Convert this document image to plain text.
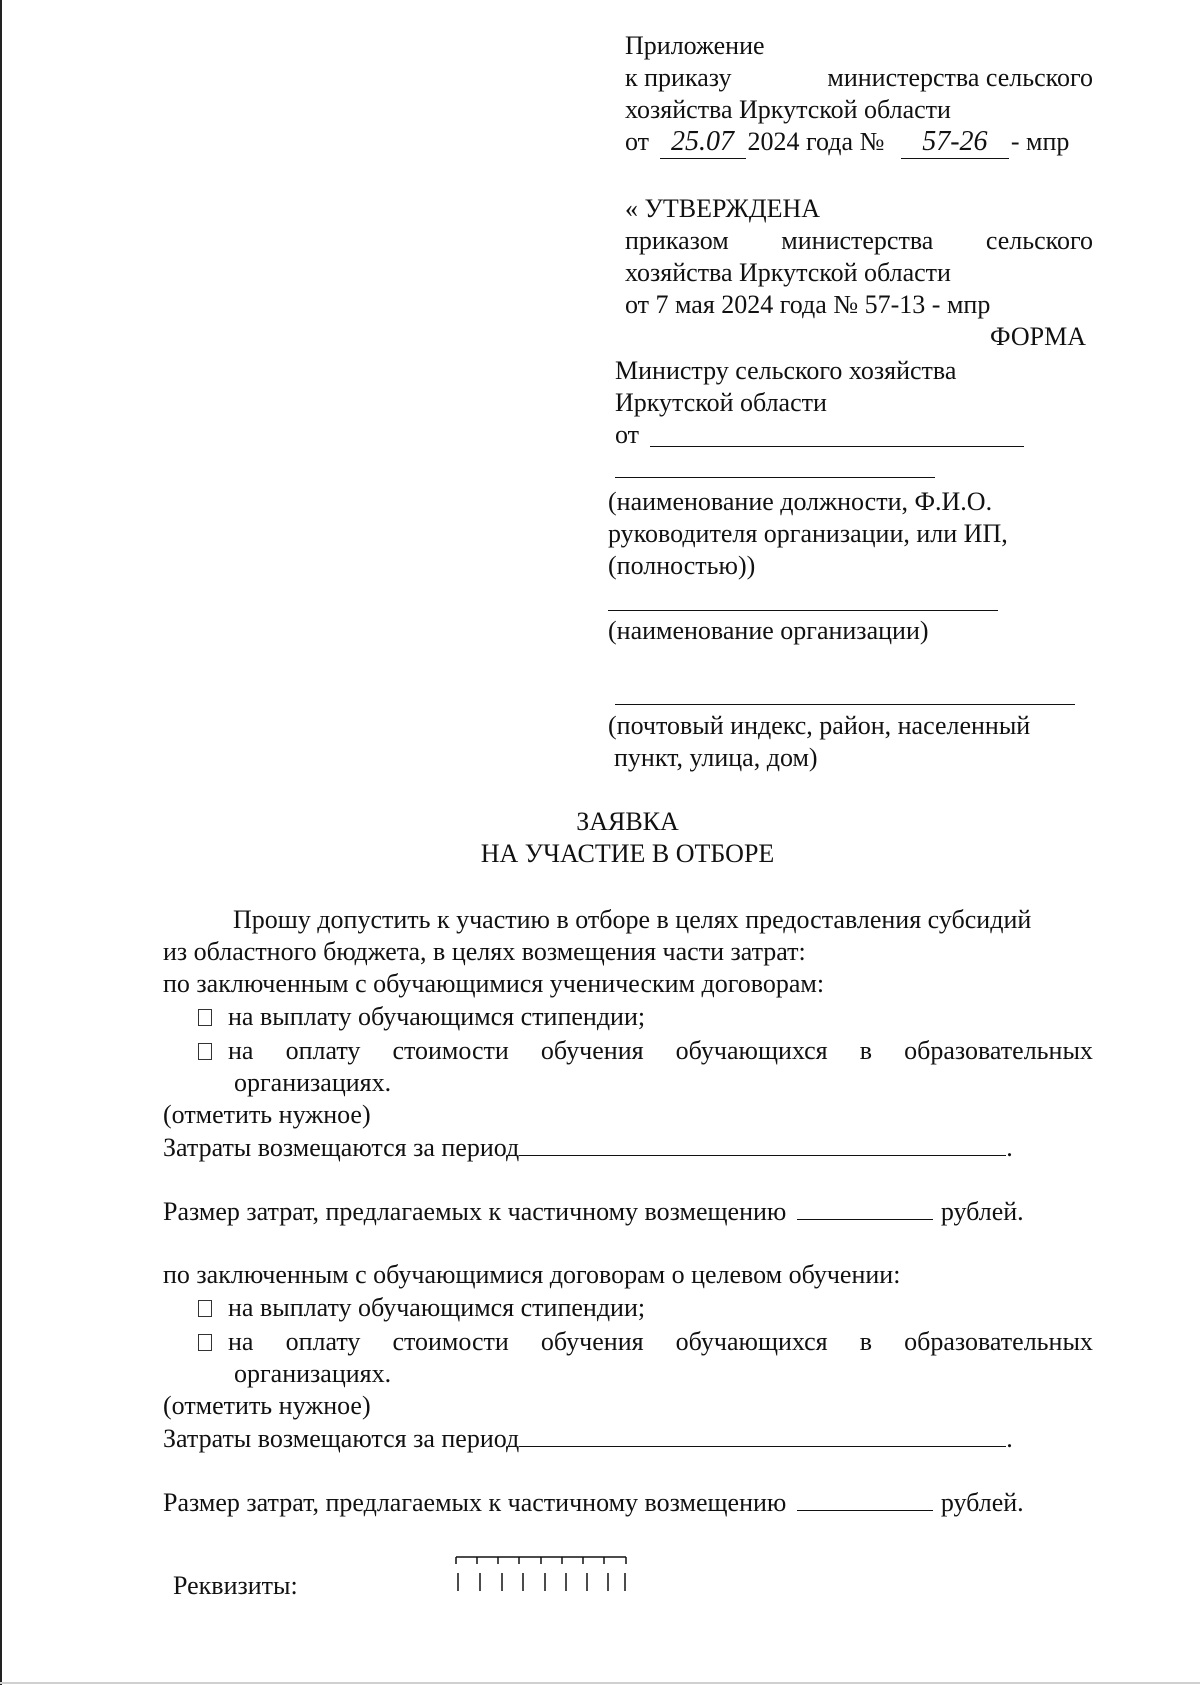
Приложение
к приказу	министерства сельского
хозяйства Иркутской области
от 25.07 2024 года № 57-26 - мпр
« УТВЕРЖДЕНА
приказом министерства сельского
хозяйства Иркутской области
от 7 мая 2024 года № 57-13 - мпр
ФОРМА
Министру сельского хозяйства
Иркутской области
от
(наименование должности, Ф.И.О.
руководителя организации, или ИП,
(полностью))
(наименование организации)
(почтовый индекс, район, населенный
пункт, улица, дом)
ЗАЯВКА
НА УЧАСТИЕ В ОТБОРЕ
Прошу допустить к участию в отборе в целях предоставления субсидий
из областного бюджета, в целях возмещения части затрат:
по заключенным с обучающимися ученическим договорам:
на выплату обучающимся стипендии;
на оплату стоимости обучения обучающихся в образовательных
организациях.
(отметить нужное)
Затраты возмещаются за период	.
Размер затрат, предлагаемых к частичному возмещению	рублей.
по заключенным с обучающимися договорам о целевом обучении:
на выплату обучающимся стипендии;
на оплату стоимости обучения обучающихся в образовательных
организациях.
(отметить нужное)
Затраты возмещаются за период	.
Размер затрат, предлагаемых к частичному возмещению	рублей.
Реквизиты:
